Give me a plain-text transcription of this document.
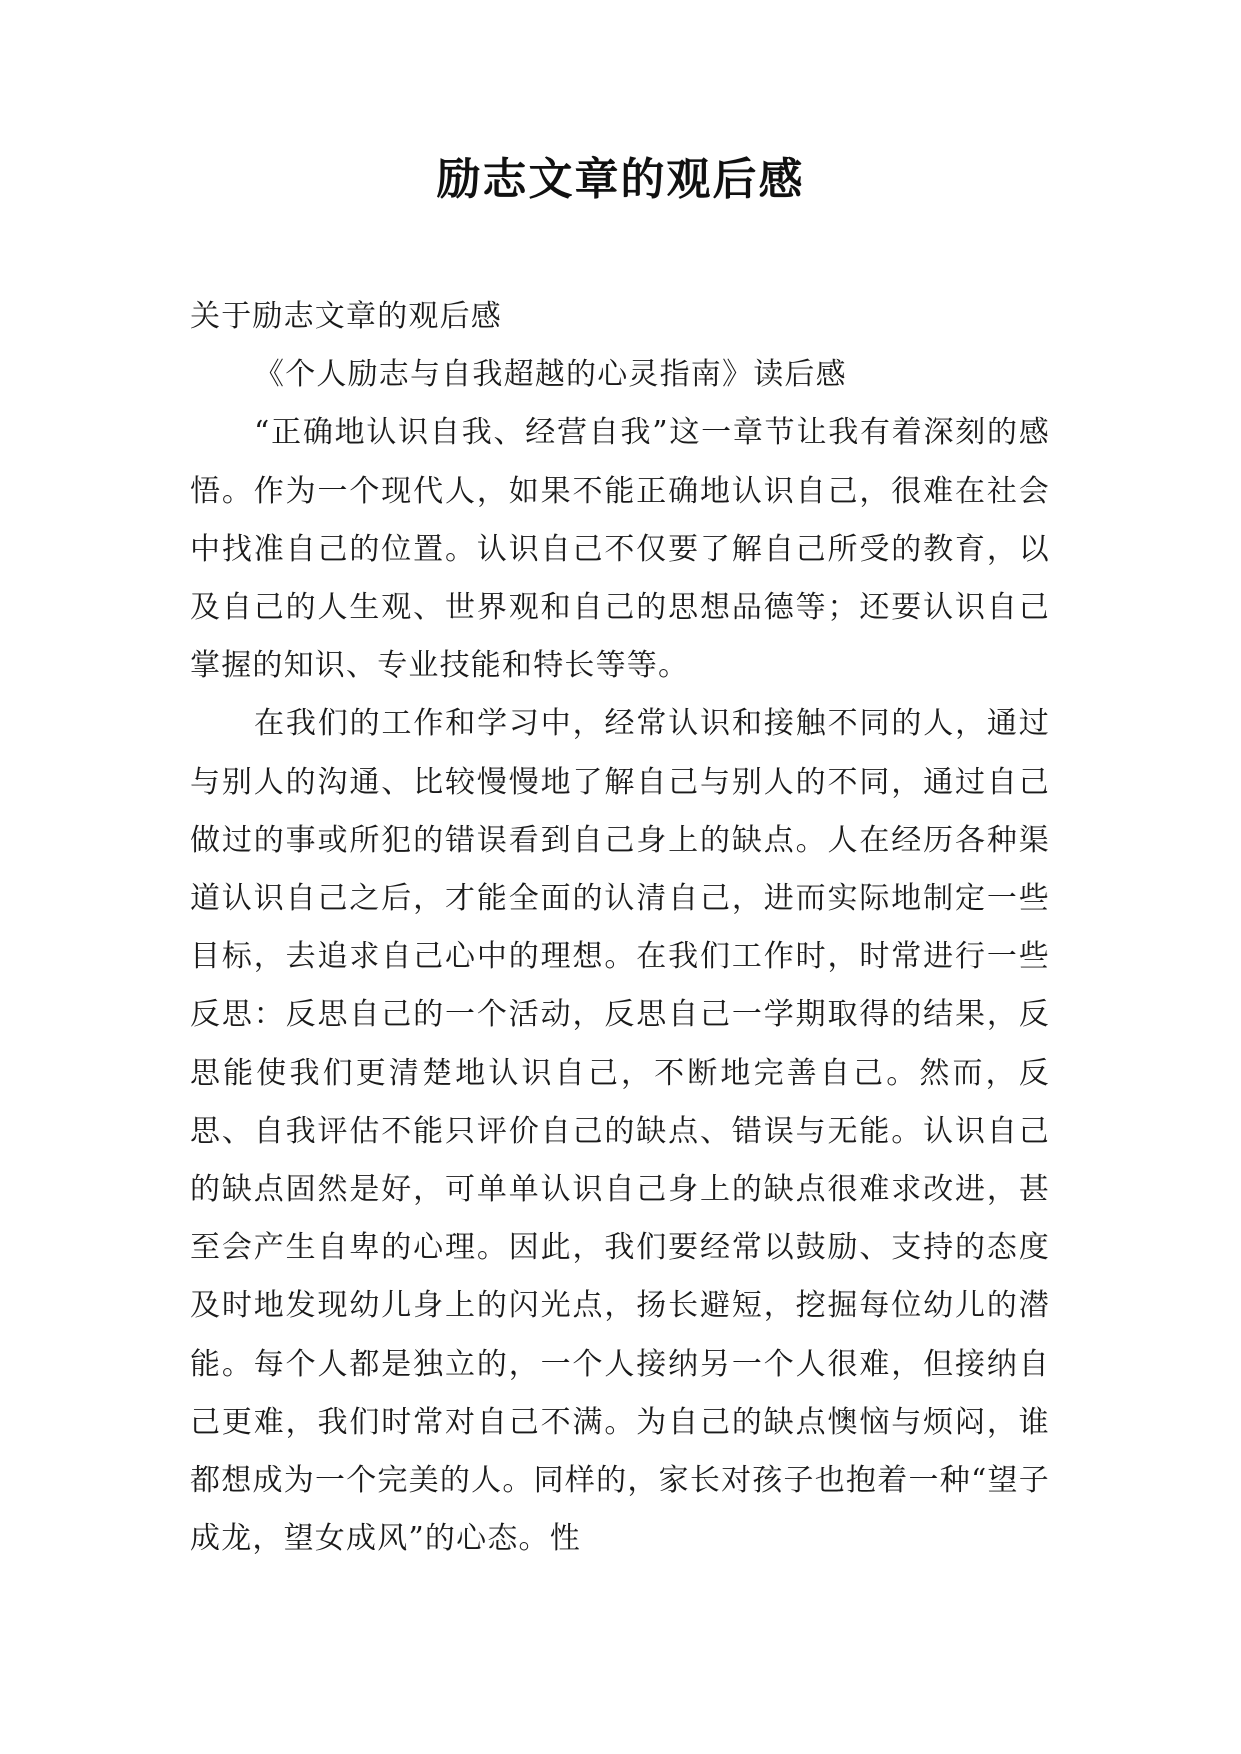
励志文章的观后感

关于励志文章的观后感

《个人励志与自我超越的心灵指南》读后感

“正确地认识自我、经营自我”这一章节让我有着深刻的感悟。作为一个现代人，如果不能正确地认识自己，很难在社会中找准自己的位置。认识自己不仅要了解自己所受的教育，以及自己的人生观、世界观和自己的思想品德等；还要认识自己掌握的知识、专业技能和特长等等。

在我们的工作和学习中，经常认识和接触不同的人，通过与别人的沟通、比较慢慢地了解自己与别人的不同，通过自己做过的事或所犯的错误看到自己身上的缺点。人在经历各种渠道认识自己之后，才能全面的认清自己，进而实际地制定一些目标，去追求自己心中的理想。在我们工作时，时常进行一些反思：反思自己的一个活动，反思自己一学期取得的结果，反思能使我们更清楚地认识自己，不断地完善自己。然而，反思、自我评估不能只评价自己的缺点、错误与无能。认识自己的缺点固然是好，可单单认识自己身上的缺点很难求改进，甚至会产生自卑的心理。因此，我们要经常以鼓励、支持的态度及时地发现幼儿身上的闪光点，扬长避短，挖掘每位幼儿的潜能。每个人都是独立的，一个人接纳另一个人很难，但接纳自己更难，我们时常对自己不满。为自己的缺点懊恼与烦闷，谁都想成为一个完美的人。同样的，家长对孩子也抱着一种“望子成龙，望女成风”的心态。性
